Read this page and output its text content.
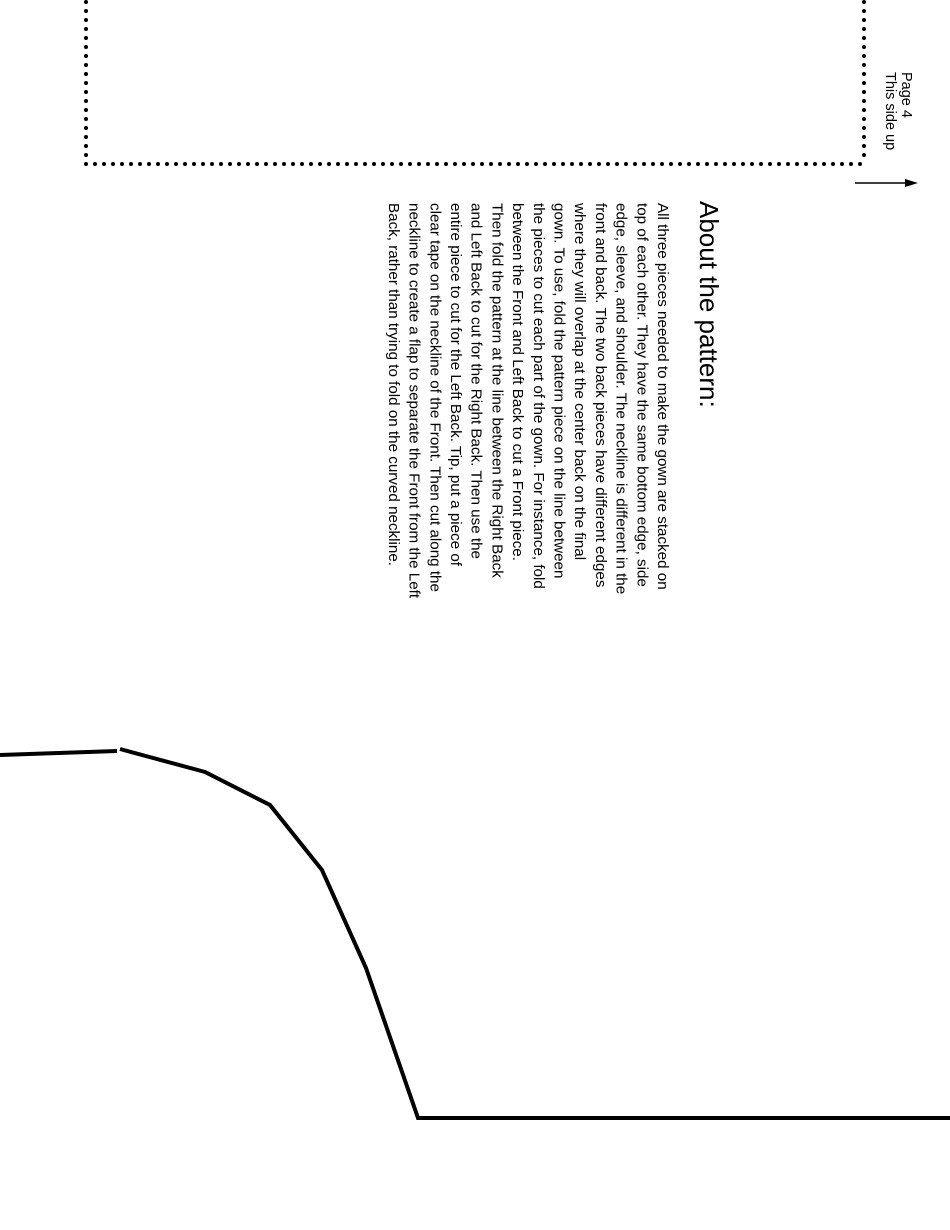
Page 4
This side up
About the pattern:
All three pieces needed to make the gown are stacked on
top of each other. They have the same bottom edge, side
edge, sleeve, and shoulder. The neckline is different in the
front and back. The two back pieces have different edges
where they will overlap at the center back on the final
gown. To use, fold the pattern piece on the line between
the pieces to cut each part of the gown. For instance, fold
between the Front and Left Back to cut a Front piece.
Then fold the pattern at the line between the Right Back
and Left Back to cut for the Right Back. Then use the
entire piece to cut for the Left Back. Tip, put a piece of
clear tape on the neckline of the Front. Then cut along the
neckline to create a flap to separate the Front from the Left
Back, rather than trying to fold on the curved neckline.
